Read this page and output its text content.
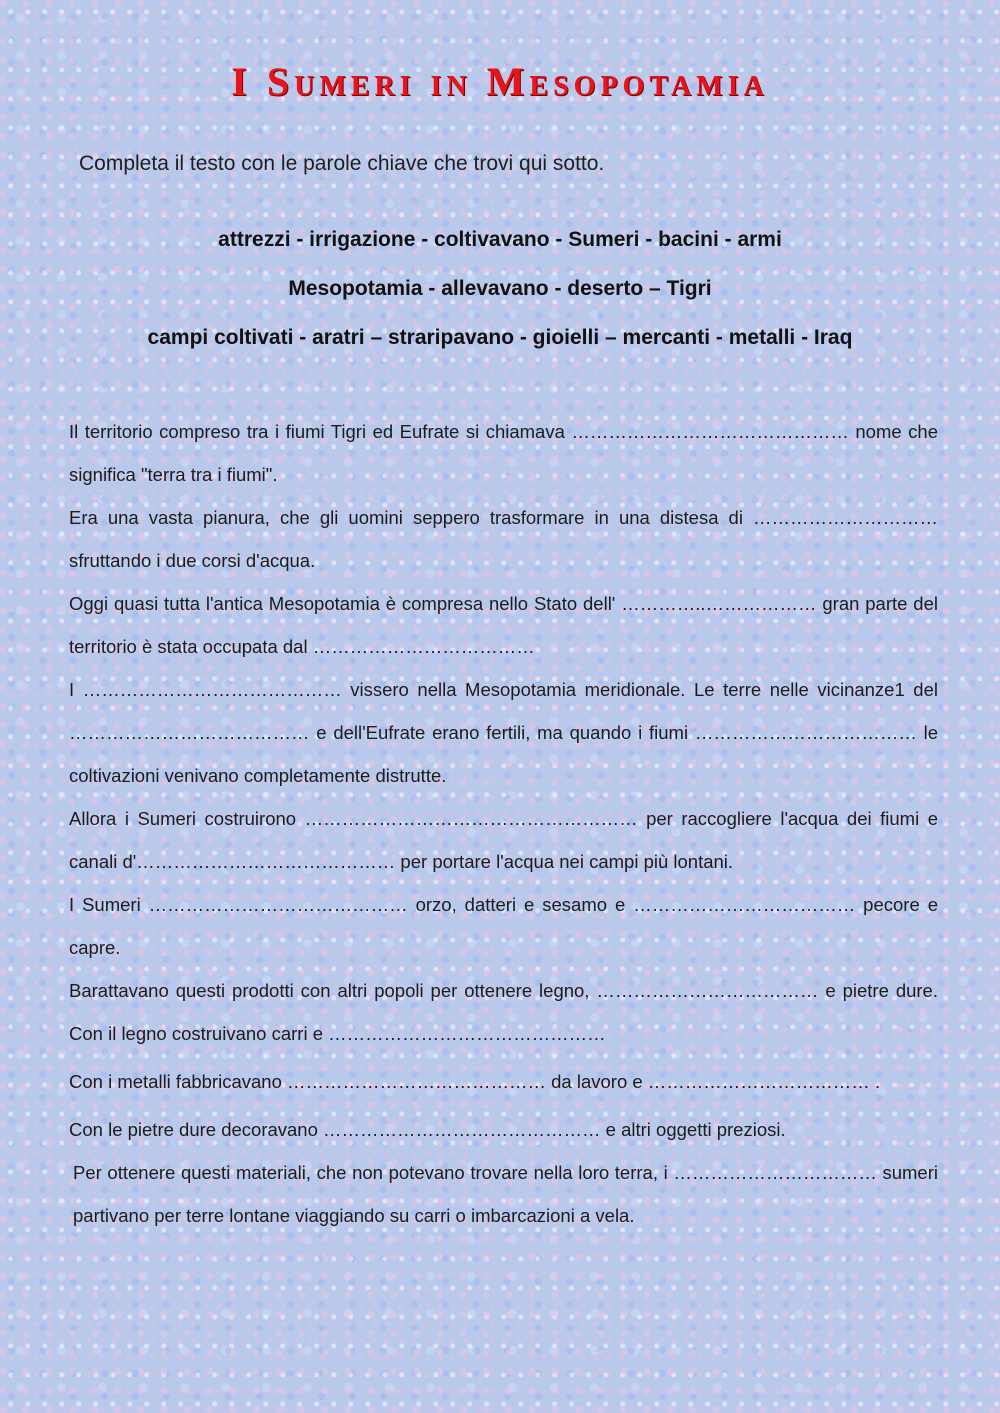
I Sumeri in Mesopotamia
Completa il testo con le parole chiave che trovi qui sotto.
attrezzi - irrigazione - coltivavano - Sumeri - bacini - armi
Mesopotamia - allevavano - deserto – Tigri
campi coltivati - aratri – straripavano - gioielli – mercanti - metalli - Iraq

Il territorio compreso tra i fiumi Tigri ed Eufrate si chiamava ……………………………………… nome che significa "terra tra i fiumi".

Era una vasta pianura, che gli uomini seppero trasformare in una distesa di ………………………… sfruttando i due corsi d'acqua.

Oggi quasi tutta l'antica Mesopotamia è compresa nello Stato dell' …………..……………… gran parte del territorio è stata occupata dal ………………………………

I …………………………………… vissero nella Mesopotamia meridionale. Le terre nelle vicinanze1 del ………………………………… e dell'Eufrate erano fertili, ma quando i fiumi ……………………………… le coltivazioni venivano completamente distrutte.

Allora i Sumeri costruirono ……………………………………………… per raccogliere l'acqua dei fiumi e canali d'…………………………………… per portare l'acqua nei campi più lontani.

I Sumeri …………………………………… orzo, datteri e sesamo e ……………………………… pecore e capre.

Barattavano questi prodotti con altri popoli per ottenere legno, ……………………………… e pietre dure. Con il legno costruivano carri e ………………………………………

Con i metalli fabbricavano …………………………………… da lavoro e ……………………………… .

Con le pietre dure decoravano ……………………………………… e altri oggetti preziosi.

Per ottenere questi materiali, che non potevano trovare nella loro terra, i …………………………… sumeri partivano per terre lontane viaggiando su carri o imbarcazioni a vela.
